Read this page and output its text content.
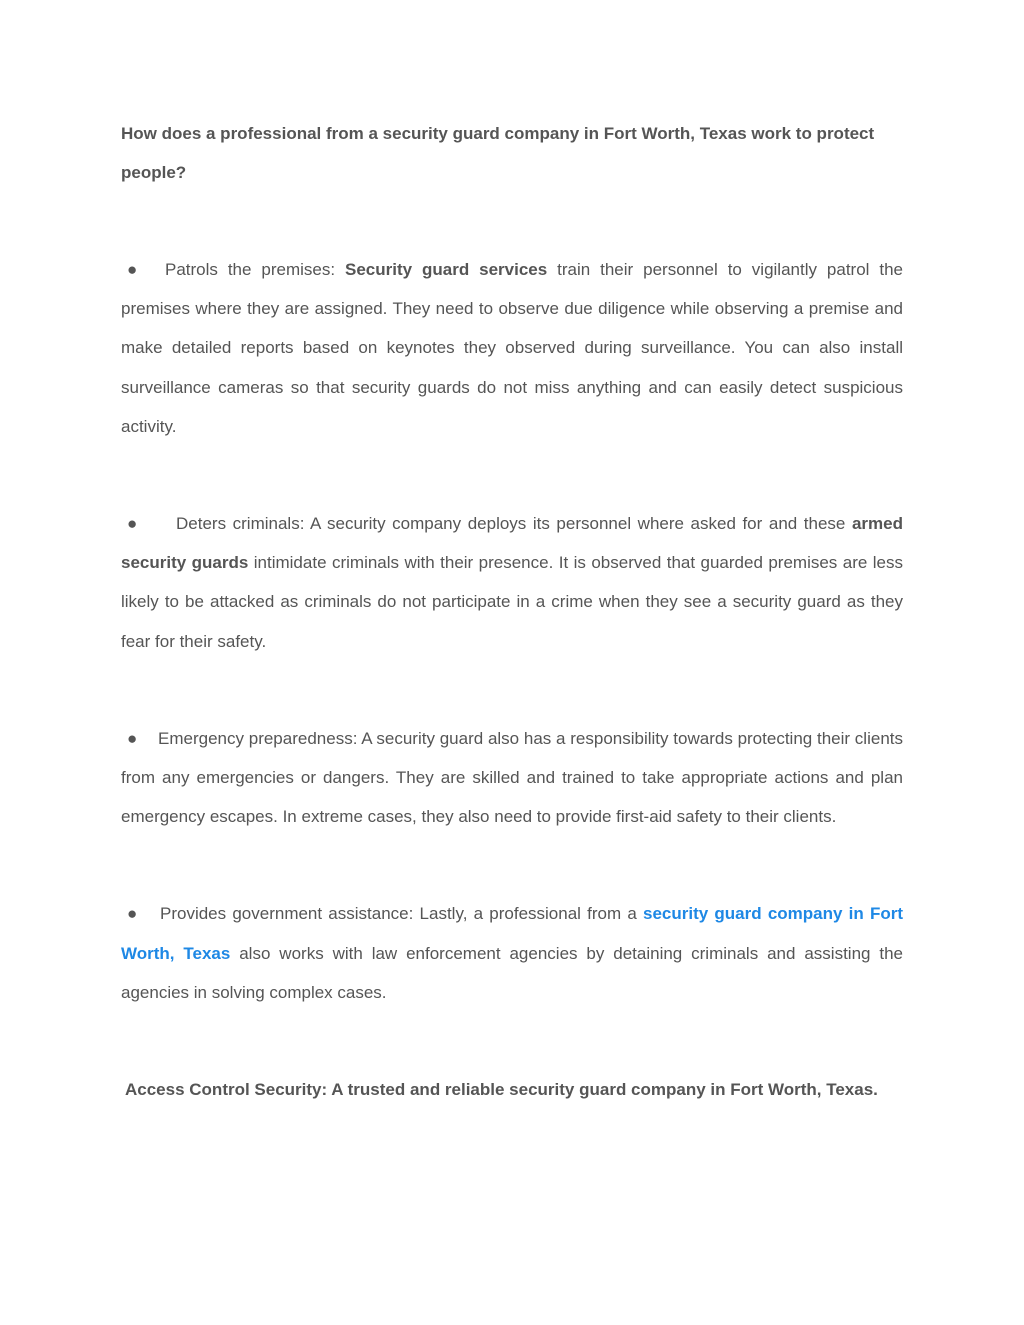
How does a professional from a security guard company in Fort Worth, Texas work to protect people?

● Patrols the premises: Security guard services train their personnel to vigilantly patrol the premises where they are assigned. They need to observe due diligence while observing a premise and make detailed reports based on keynotes they observed during surveillance. You can also install surveillance cameras so that security guards do not miss anything and can easily detect suspicious activity.

● Deters criminals: A security company deploys its personnel where asked for and these armed security guards intimidate criminals with their presence. It is observed that guarded premises are less likely to be attacked as criminals do not participate in a crime when they see a security guard as they fear for their safety.

● Emergency preparedness: A security guard also has a responsibility towards protecting their clients from any emergencies or dangers. They are skilled and trained to take appropriate actions and plan emergency escapes. In extreme cases, they also need to provide first-aid safety to their clients.

● Provides government assistance: Lastly, a professional from a security guard company in Fort Worth, Texas also works with law enforcement agencies by detaining criminals and assisting the agencies in solving complex cases.

Access Control Security: A trusted and reliable security guard company in Fort Worth, Texas.
